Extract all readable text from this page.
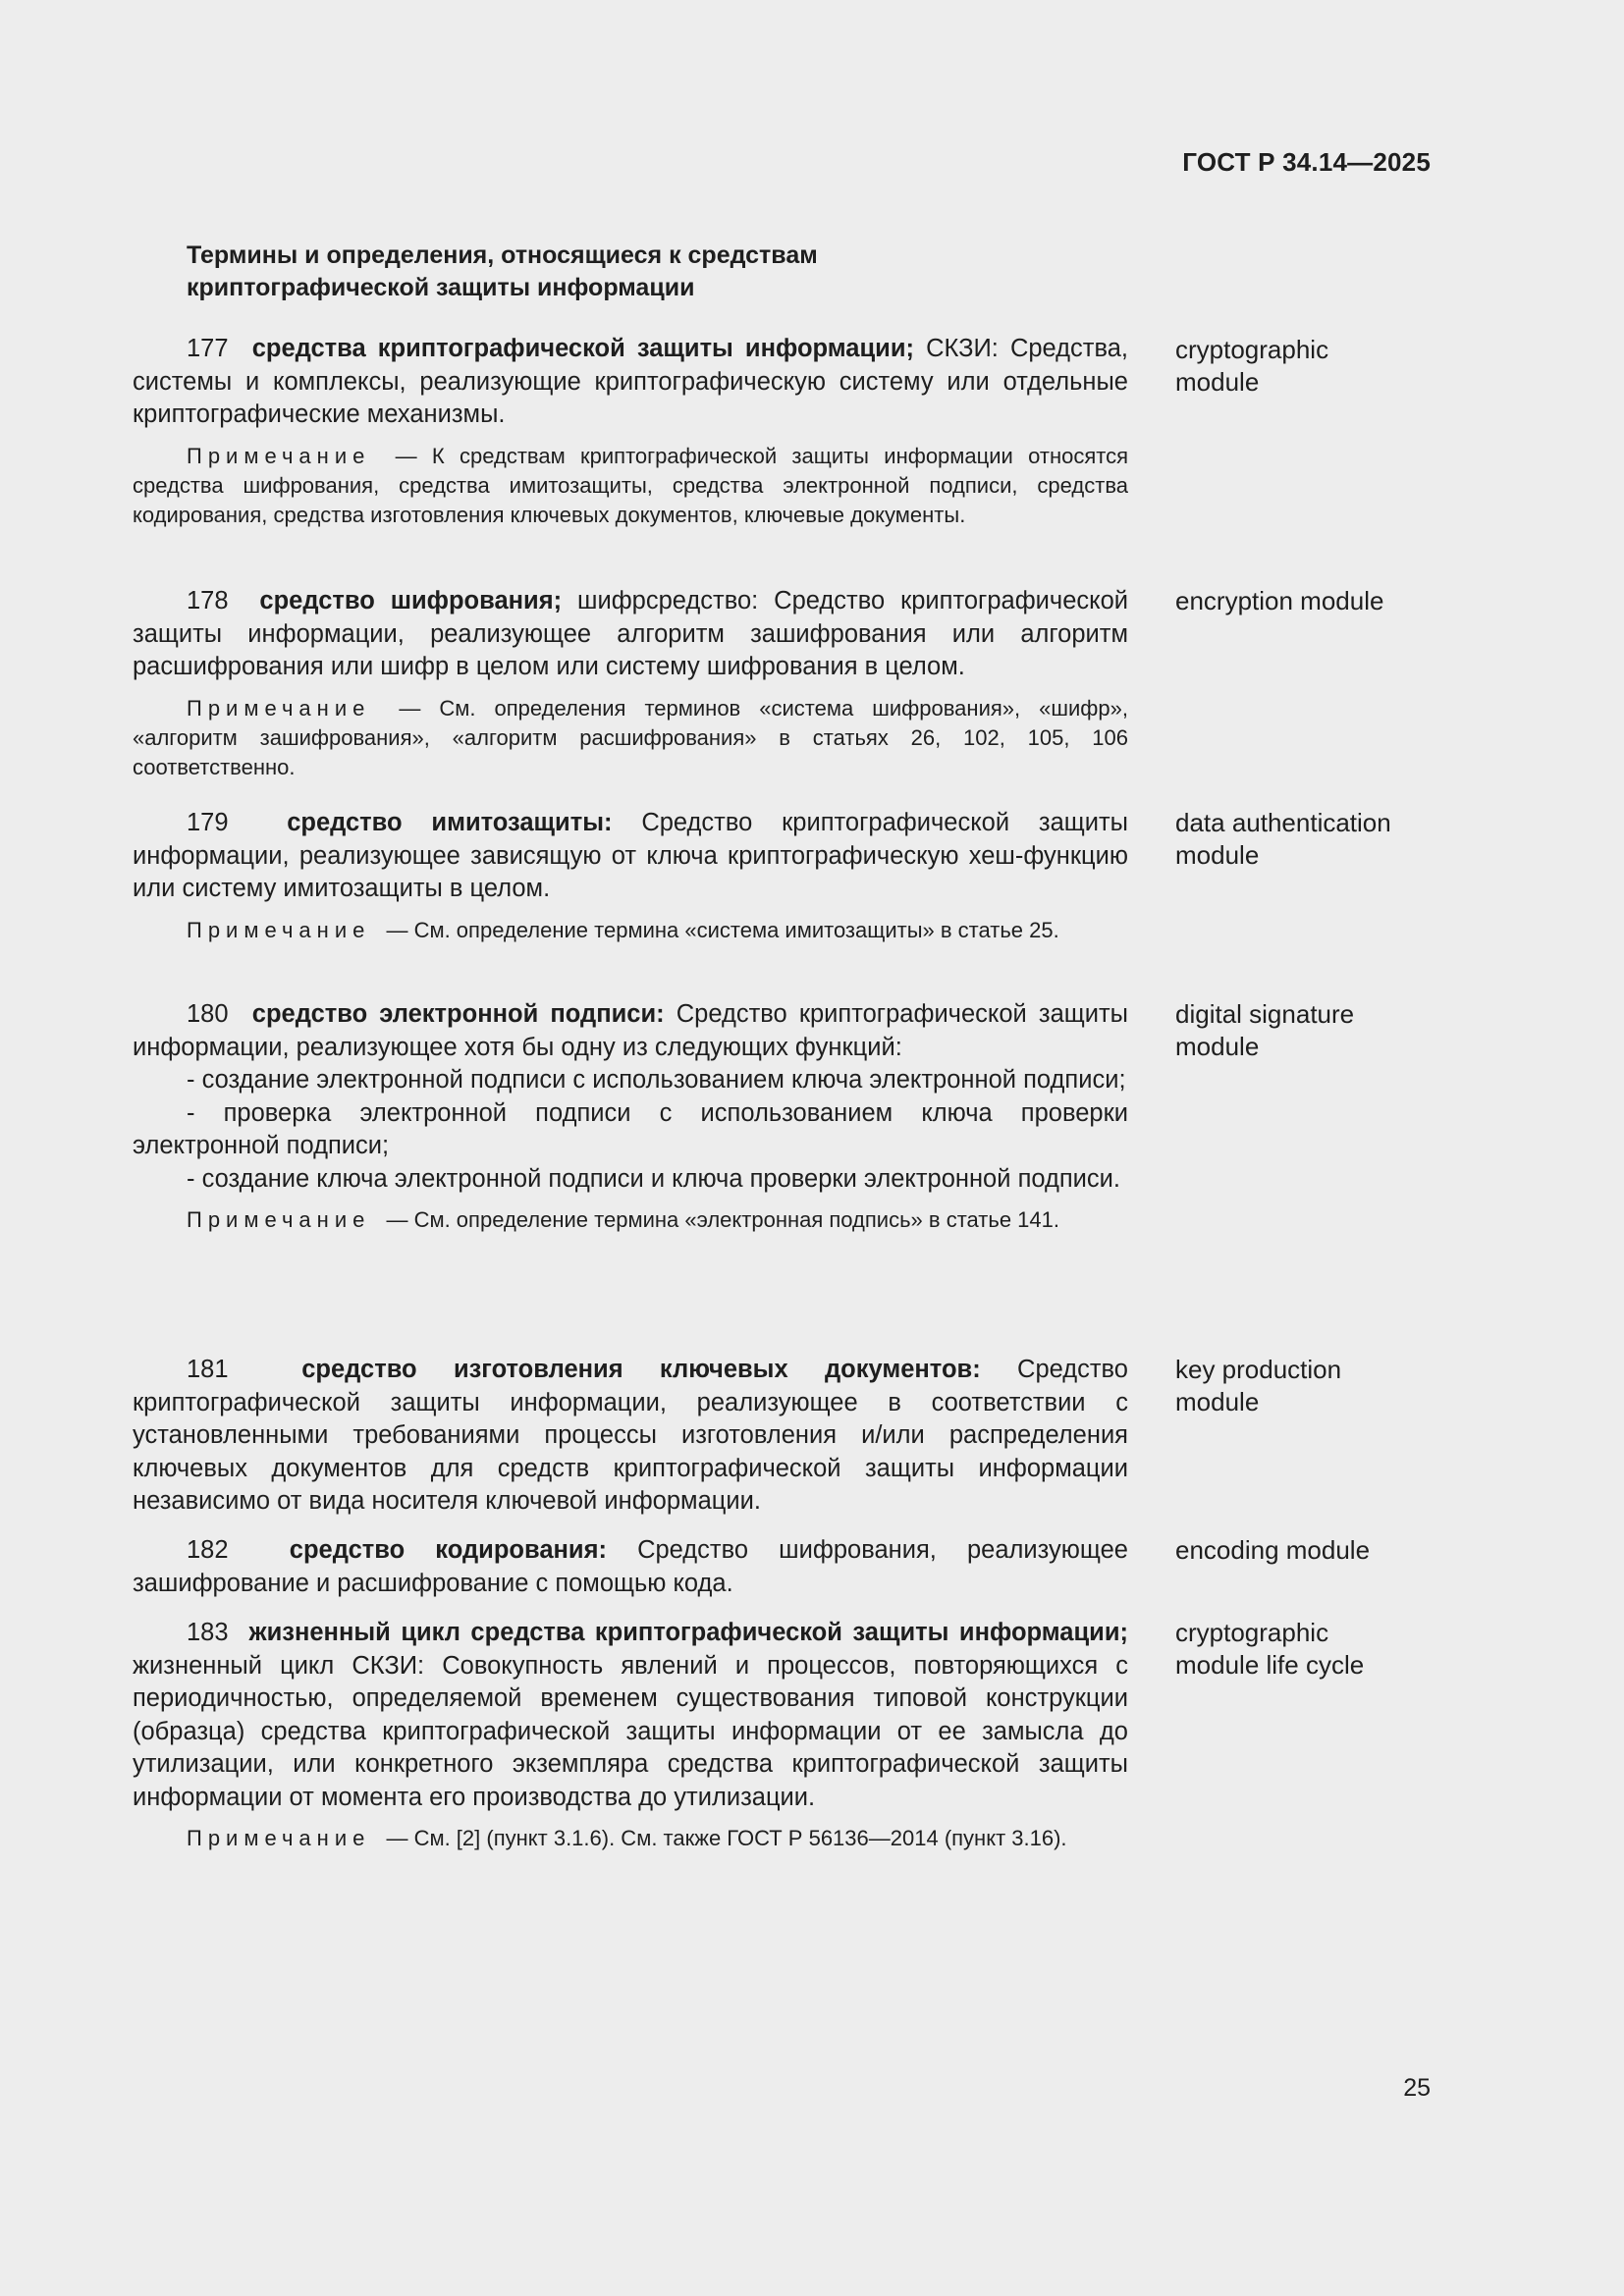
ГОСТ Р 34.14—2025
Термины и определения, относящиеся к средствам
криптографической защиты информации
177 средства криптографической защиты информации; СКЗИ: Средства, системы и комплексы, реализующие криптографическую систему или отдельные криптографические механизмы.
Примечание — К средствам криптографической защиты информации относятся средства шифрования, средства имитозащиты, средства электронной подписи, средства кодирования, средства изготовления ключевых документов, ключевые документы.
cryptographic module
178 средство шифрования; шифрсредство: Средство криптографической защиты информации, реализующее алгоритм зашифрования или алгоритм расшифрования или шифр в целом или систему шифрования в целом.
Примечание — См. определения терминов «система шифрования», «шифр», «алгоритм зашифрования», «алгоритм расшифрования» в статьях 26, 102, 105, 106 соответственно.
encryption module
179 средство имитозащиты: Средство криптографической защиты информации, реализующее зависящую от ключа криптографическую хеш-функцию или систему имитозащиты в целом.
Примечание — См. определение термина «система имитозащиты» в статье 25.
data authentication module
180 средство электронной подписи: Средство криптографической защиты информации, реализующее хотя бы одну из следующих функций:
- создание электронной подписи с использованием ключа электронной подписи;
- проверка электронной подписи с использованием ключа проверки электронной подписи;
- создание ключа электронной подписи и ключа проверки электронной подписи.
Примечание — См. определение термина «электронная подпись» в статье 141.
digital signature module
181	средство изготовления ключевых документов: Средство криптографической защиты информации, реализующее в соответствии с установленными требованиями процессы изготовления и/или распределения ключевых документов для средств криптографической защиты информации независимо от вида носителя ключевой информации.
key production module
182 средство кодирования: Средство шифрования, реализующее зашифрование и расшифрование с помощью кода.
encoding module
183 жизненный цикл средства криптографической защиты информации; жизненный цикл СКЗИ: Совокупность явлений и процессов, повторяющихся с периодичностью, определяемой временем существования типовой конструкции (образца) средства криптографической защиты информации от ее замысла до утилизации, или конкретного экземпляра средства криптографической защиты информации от момента его производства до утилизации.
Примечание — См. [2] (пункт 3.1.6). См. также ГОСТ Р 56136—2014 (пункт 3.16).
cryptographic module life cycle
25
